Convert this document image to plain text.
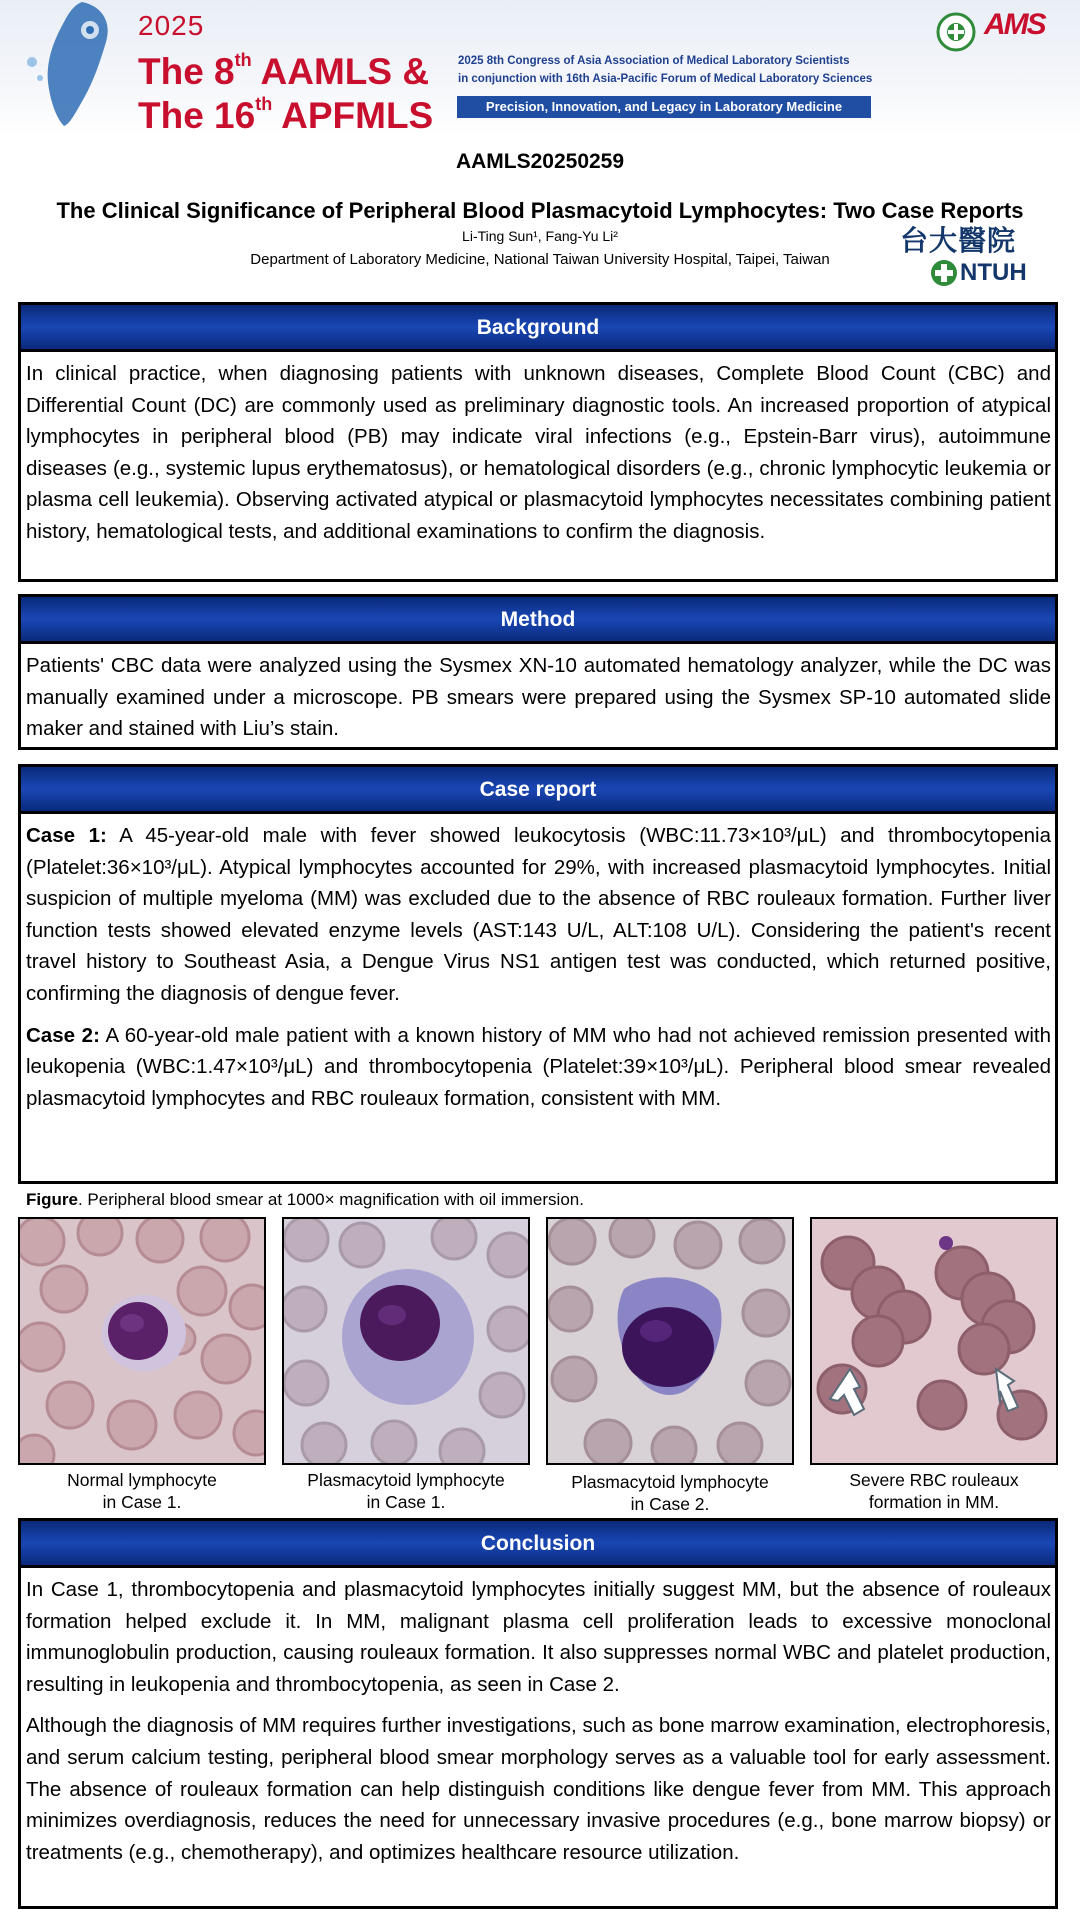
2025
The 8th AAMLS &
The 16th APFMLS
2025 8th Congress of Asia Association of Medical Laboratory Scientists
in conjunction with 16th Asia-Pacific Forum of Medical Laboratory Sciences
Precision, Innovation, and Legacy in Laboratory Medicine
AMS
AAMLS20250259
The Clinical Significance of Peripheral Blood Plasmacytoid Lymphocytes: Two Case Reports
Li-Ting Sun¹, Fang-Yu Li²
Department of Laboratory Medicine, National Taiwan University Hospital, Taipei, Taiwan
台大醫院
NTUH
Background

In clinical practice, when diagnosing patients with unknown diseases, Complete Blood Count (CBC) and Differential Count (DC) are commonly used as preliminary diagnostic tools. An increased proportion of atypical lymphocytes in peripheral blood (PB) may indicate viral infections (e.g., Epstein-Barr virus), autoimmune diseases (e.g., systemic lupus erythematosus), or hematological disorders (e.g., chronic lymphocytic leukemia or plasma cell leukemia). Observing activated atypical or plasmacytoid lymphocytes necessitates combining patient history, hematological tests, and additional examinations to confirm the diagnosis.

Method

Patients' CBC data were analyzed using the Sysmex XN-10 automated hematology analyzer, while the DC was manually examined under a microscope. PB smears were prepared using the Sysmex SP-10 automated slide maker and stained with Liu’s stain.

Case report

Case 1: A 45-year-old male with fever showed leukocytosis (WBC:11.73×10³/μL) and thrombocytopenia (Platelet:36×10³/μL). Atypical lymphocytes accounted for 29%, with increased plasmacytoid lymphocytes. Initial suspicion of multiple myeloma (MM) was excluded due to the absence of RBC rouleaux formation. Further liver function tests showed elevated enzyme levels (AST:143 U/L, ALT:108 U/L). Considering the patient's recent travel history to Southeast Asia, a Dengue Virus NS1 antigen test was conducted, which returned positive, confirming the diagnosis of dengue fever.

Case 2: A 60-year-old male patient with a known history of MM who had not achieved remission presented with leukopenia (WBC:1.47×10³/μL) and thrombocytopenia (Platelet:39×10³/μL). Peripheral blood smear revealed plasmacytoid lymphocytes and RBC rouleaux formation, consistent with MM.

Figure. Peripheral blood smear at 1000× magnification with oil immersion.
Normal lymphocyte
in Case 1.
Plasmacytoid lymphocyte
in Case 1.
Plasmacytoid lymphocyte
in Case 2.
Severe RBC rouleaux
formation in MM.
Conclusion

In Case 1, thrombocytopenia and plasmacytoid lymphocytes initially suggest MM, but the absence of rouleaux formation helped exclude it. In MM, malignant plasma cell proliferation leads to excessive monoclonal immunoglobulin production, causing rouleaux formation. It also suppresses normal WBC and platelet production, resulting in leukopenia and thrombocytopenia, as seen in Case 2.

Although the diagnosis of MM requires further investigations, such as bone marrow examination, electrophoresis, and serum calcium testing, peripheral blood smear morphology serves as a valuable tool for early assessment. The absence of rouleaux formation can help distinguish conditions like dengue fever from MM. This approach minimizes overdiagnosis, reduces the need for unnecessary invasive procedures (e.g., bone marrow biopsy) or treatments (e.g., chemotherapy), and optimizes healthcare resource utilization.
